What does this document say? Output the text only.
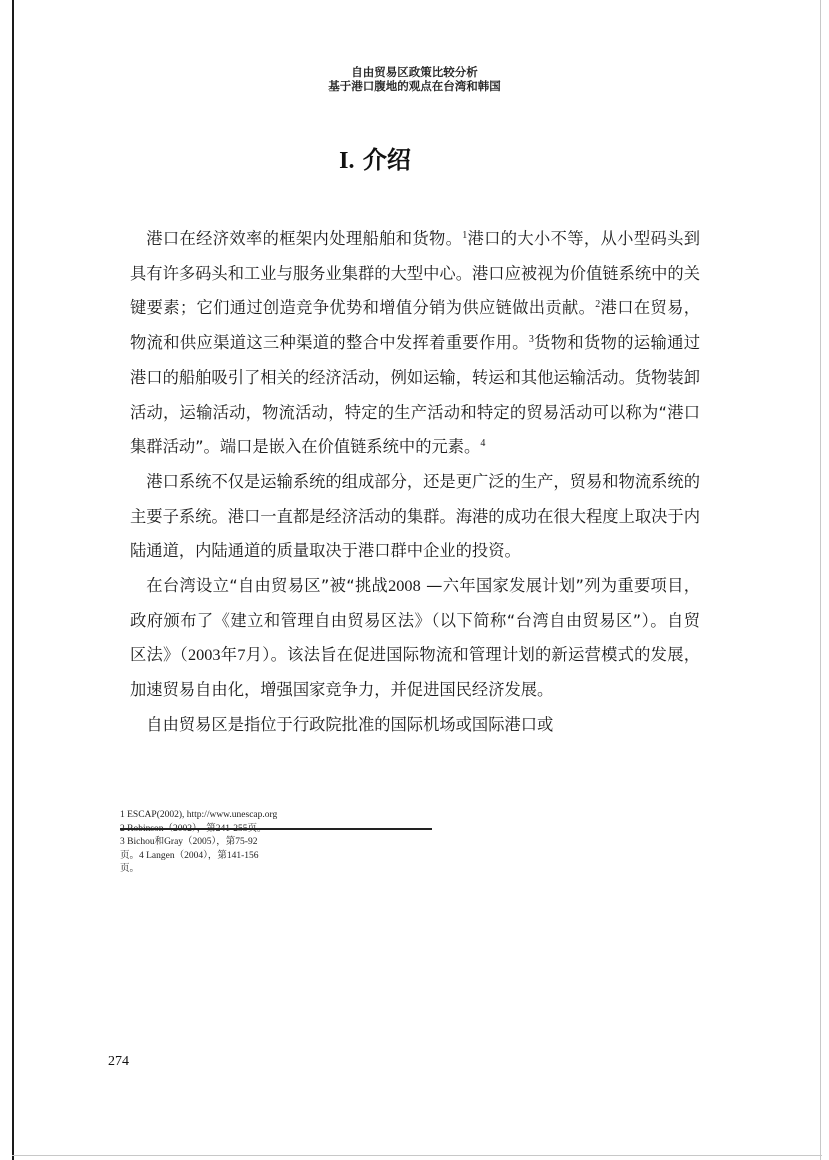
自由贸易区政策比较分析
基于港口腹地的观点在台湾和韩国
I. 介绍

港口在经济效率的框架内处理船舶和货物。$^1$港口的大小不等，从小型码头到具有许多码头和工业与服务业集群的大型中心。港口应被视为价值链系统中的关键要素；它们通过创造竞争优势和增值分销为供应链做出贡献。$^2$港口在贸易，物流和供应渠道这三种渠道的整合中发挥着重要作用。$^3$货物和货物的运输通过港口的船舶吸引了相关的经济活动，例如运输，转运和其他运输活动。货物装卸活动，运输活动，物流活动，特定的生产活动和特定的贸易活动可以称为“港口集群活动”。端口是嵌入在价值链系统中的元素。$^4$

港口系统不仅是运输系统的组成部分，还是更广泛的生产，贸易和物流系统的主要子系统。港口一直都是经济活动的集群。海港的成功在很大程度上取决于内陆通道，内陆通道的质量取决于港口群中企业的投资。

在台湾设立“自由贸易区”被“挑战2008 —六年国家发展计划”列为重要项目，政府颁布了《建立和管理自由贸易区法》（以下简称“台湾自由贸易区”）。自贸区法》（2003年7月）。该法旨在促进国际物流和管理计划的新运营模式的发展，加速贸易自由化，增强国家竞争力，并促进国民经济发展。

自由贸易区是指位于行政院批准的国际机场或国际港口或

1 ESCAP(2002), http://www.unescap.org
3 Bichou和Gray（2005），第75-92
页。4 Langen（2004），第141-156
页。
274
